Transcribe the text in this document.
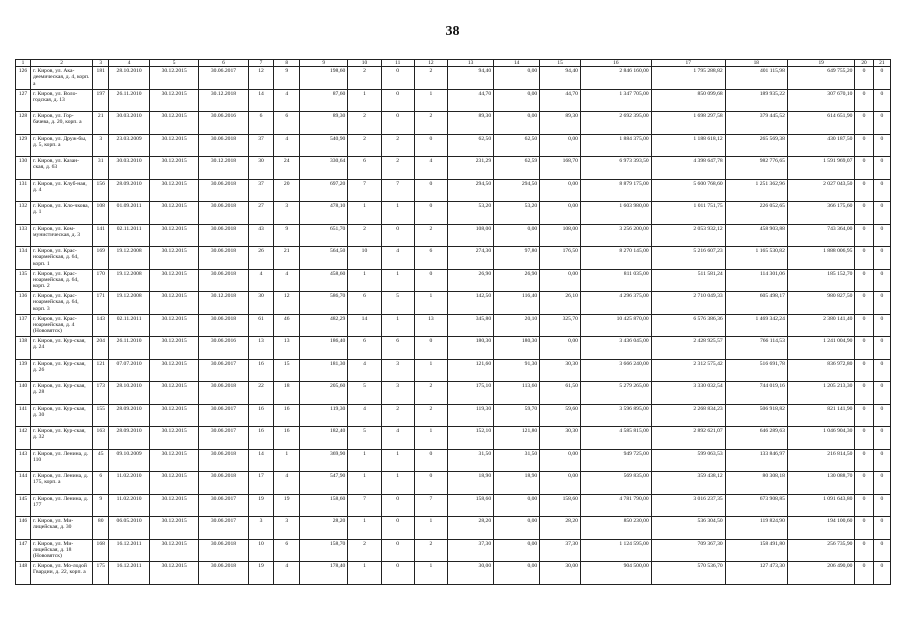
38
1	2	3	4	5	6	7	8	9	10	11	12	13	14	15	16	17	18	19	20	21
126	г. Киров, ул. Ака-деемическая, д. 4, корп. а	181	28.10.2010	30.12.2015	30.06.2017	12	9	198,60	2	0	2	94,40	0,00	94,40	2 846 160,00	1 795 288,82	401 115,98	649 755,20	0	0
127	г. Киров, ул. Воло-годская, д. 13	197	26.11.2010	30.12.2015	30.12.2018	14	4	87,60	1	0	1	44,70	0,00	44,70	1 347 705,00	850 099,68	189 935,22	307 670,10	0	0
128	г. Киров, ул. Гор-бачева, д. 20, корп. а	21	30.03.2010	30.12.2015	30.06.2016	6	6	89,30	2	0	2	89,30	0,00	89,30	2 692 395,00	1 698 297,58	379 445,52	614 651,90	0	0
129	г. Киров, ул. Друж-бы, д. 5, корп. а	3	23.03.2009	30.12.2015	30.06.2018	37	4	540,90	2	2	0	62,50	62,50	0,00	1 884 375,00	1 188 618,12	265 569,38	430 187,50	0	0
130	г. Киров, ул. Казан-ская, д. 63	31	30.03.2010	30.12.2015	30.12.2018	30	24	330,64	6	2	4	231,29	62,59	168,70	6 973 393,50	4 398 647,78	982 776,65	1 591 969,07	0	0
131	г. Киров, ул. Клуб-ная, д. 4	156	28.09.2010	30.12.2015	30.06.2018	37	20	697,20	7	7	0	294,50	294,50	0,00	8 879 175,00	5 600 768,60	1 251 362,96	2 027 043,50	0	0
132	г. Киров, ул. Кло-чкова, д. 1	108	01.09.2011	30.12.2015	30.06.2018	27	3	478,10	1	1	0	53,20	53,20	0,00	1 603 980,00	1 011 751,75	226 052,65	366 175,60	0	0
133	г. Киров, ул. Ком-мунистическая, д. 3	141	02.11.2011	30.12.2015	30.06.2018	43	9	651,70	2	0	2	108,00	0,00	108,00	3 256 200,00	2 053 932,12	458 903,88	743 364,00	0	0
134	г. Киров, ул. Крас-ноармейская, д. 64, корп. 1	169	19.12.2008	30.12.2015	30.06.2018	26	21	564,50	10	4	6	274,30	97,80	176,50	8 270 145,00	5 216 607,23	1 165 530,82	1 888 006,95	0	0
135	г. Киров, ул. Крас-ноармейская, д. 64, корп. 2	170	19.12.2008	30.12.2015	30.06.2018	4	4	458,60	1	1	0	26,90	26,90	0,00	811 035,00	511 581,24	114 301,06	185 152,70	0	0
136	г. Киров, ул. Крас-ноармейская, д. 64, корп. 3	171	19.12.2008	30.12.2015	30.12.2018	30	12	586,70	6	5	1	142,50	116,40	26,10	4 296 375,00	2 710 049,33	605 498,17	980 827,50	0	0
137	г. Киров, ул. Крас-ноармейская, д. 4 (Нововятск)	143	02.11.2011	30.12.2015	30.06.2018	61	46	482,29	14	1	13	345,80	20,10	325,70	10 425 870,00	6 576 386,36	1 469 342,24	2 380 141,40	0	0
138	г. Киров, ул. Кур-ская, д. 24	204	26.11.2010	30.12.2015	30.06.2016	13	13	186,40	6	6	0	180,30	180,30	0,00	3 436 045,00	2 428 925,57	766 114,53	1 241 004,90	0	0
139	г. Киров, ул. Кур-ская, д. 26	121	07.07.2010	30.12.2015	30.06.2017	16	15	181,30	4	3	1	121,60	91,30	30,30	3 666 240,00	2 312 575,42	516 691,78	836 972,80	0	0
140	г. Киров, ул. Кур-ская, д. 28	173	28.10.2010	30.12.2015	30.06.2018	22	18	205,60	5	3	2	175,10	113,60	61,50	5 279 265,00	3 330 032,54	744 019,16	1 205 213,30	0	0
141	г. Киров, ул. Кур-ская, д. 30	155	28.09.2010	30.12.2015	30.06.2017	16	16	119,30	4	2	2	119,30	59,70	59,60	3 596 895,00	2 268 834,23	506 918,82	821 141,90	0	0
142	г. Киров, ул. Кур-ская, д. 32	163	28.09.2010	30.12.2015	30.06.2017	16	16	182,40	5	4	1	152,10	121,80	30,30	4 585 815,00	2 892 621,07	646 289,63	1 046 904,30	0	0
143	г. Киров, ул. Ленина, д. 110	45	09.10.2009	30.12.2015	30.06.2018	14	1	369,90	1	1	0	31,50	31,50	0,00	949 725,00	599 063,53	133 846,97	216 814,50	0	0
144	г. Киров, ул. Ленина, д. 175, корп. а	6	11.02.2010	30.12.2015	30.06.2018	17	4	547,90	1	1	0	18,90	18,90	0,00	569 835,00	359 438,12	80 308,18	130 088,70	0	0
145	г. Киров, ул. Ленина, д. 177	9	11.02.2010	30.12.2015	30.06.2017	19	19	158,60	7	0	7	158,60	0,00	158,60	4 781 790,00	3 016 237,35	673 908,85	1 091 643,80	0	0
146	г. Киров, ул. Ми-лицейская, д. 30	80	06.05.2010	30.12.2015	30.06.2017	3	3	28,20	1	0	1	28,20	0,00	28,20	850 230,00	536 304,50	119 824,90	194 100,60	0	0
147	г. Киров, ул. Ми-лицейская, д. 18 (Нововятск)	168	16.12.2011	30.12.2015	30.06.2018	10	6	158,70	2	0	2	37,30	0,00	37,30	1 124 595,00	709 367,30	158 491,80	256 735,90	0	0
148	г. Киров, ул. Мо-лодой Гвардии, д. 22, корп. а	175	16.12.2011	30.12.2015	30.06.2018	19	4	178,40	1	0	1	30,00	0,00	30,00	904 500,00	570 536,70	127 473,30	206 490,00	0	0
